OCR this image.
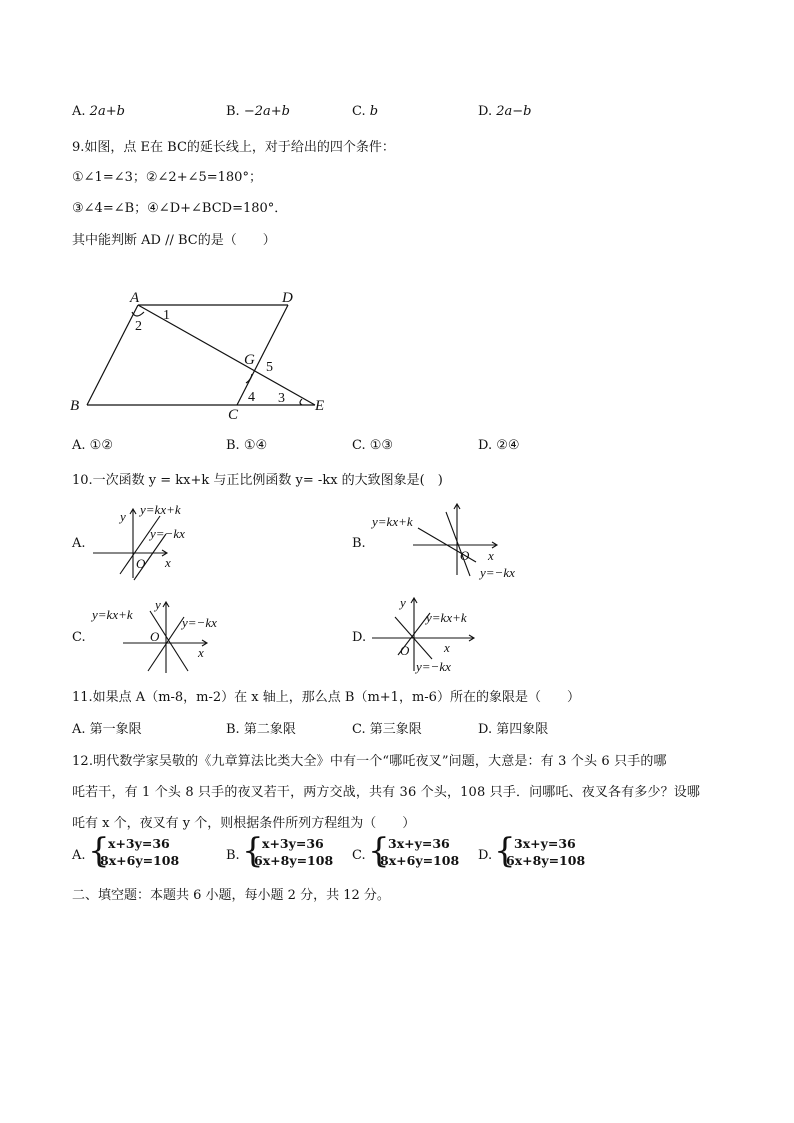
A. 2a+b	B. −2a+b	C. b	D. 2a−b
9.如图，点 E在 BC的延长线上，对于给出的四个条件：
①∠1=∠3；②∠2+∠5=180°；
③∠4=∠B；④∠D+∠BCD=180°．
其中能判断 AD // BC的是（　　）
A	D
B
C
E
G
1
2
3
4
5
A. ①②	B. ①④	C. ①③	D. ②④
10.一次函数 y = kx+k 与正比例函数 y= -kx 的大致图象是(　)
A.
y
O x
y=kx+k
y=−kx
B.
y=kx+k
O x
y=−kx
C.
y=kx+k
y
O
x
y=−kx
D.
y
y=kx+k
O	x
y=−kx
11.如果点 A（m-8，m-2）在 x 轴上，那么点 B（m+1，m-6）所在的象限是（　　）
A. 第一象限	B. 第二象限	C. 第三象限	D. 第四象限
12.明代数学家吴敬的《九章算法比类大全》中有一个“哪吒夜叉”问题，大意是：有 3 个头 6 只手的哪
吒若干，有 1 个头 8 只手的夜叉若干，两方交战，共有 36 个头，108 只手．问哪吒、夜叉各有多少？设哪
吒有 x 个，夜叉有 y 个，则根据条件所列方程组为（　　）
A. {
x+3y=36
8x+6y=108	B. {
x+3y=36
6x+8y=108 C. {
3x+y=36
8x+6y=108 D. {
3x+y=36
6x+8y=108
二、填空题：本题共 6 小题，每小题 2 分，共 12 分。
